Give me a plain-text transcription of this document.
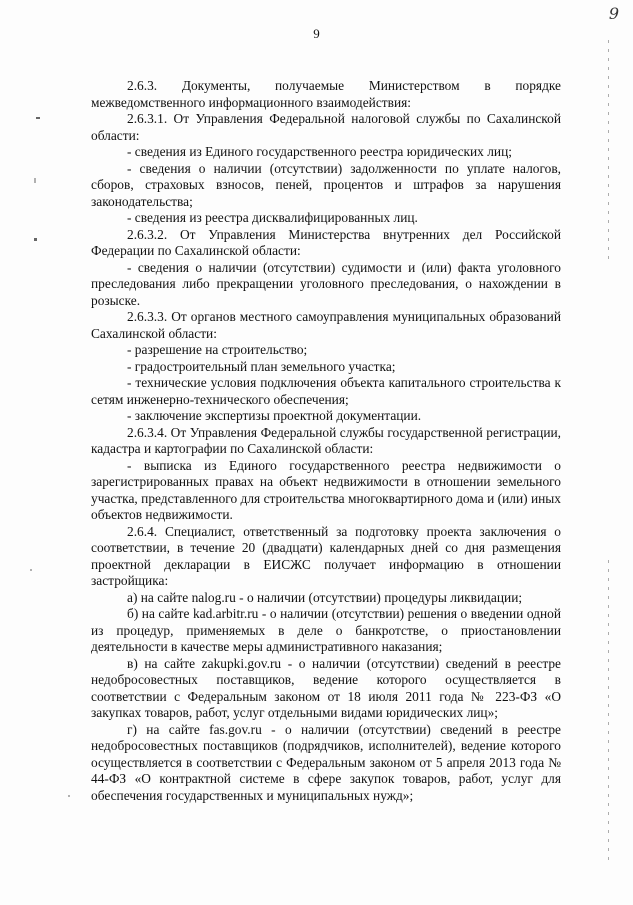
9
9

2.6.3. Документы, получаемые Министерством в порядке межведомственного информационного взаимодействия:

2.6.3.1. От Управления Федеральной налоговой службы по Сахалинской области:

- сведения из Единого государственного реестра юридических лиц;

- сведения о наличии (отсутствии) задолженности по уплате налогов, сборов, страховых взносов, пеней, процентов и штрафов за нарушения законодательства;

- сведения из реестра дисквалифицированных лиц.

2.6.3.2. От Управления Министерства внутренних дел Российской Федерации по Сахалинской области:

- сведения о наличии (отсутствии) судимости и (или) факта уголовного преследования либо прекращении уголовного преследования, о нахождении в розыске.

2.6.3.3. От органов местного самоуправления муниципальных образований Сахалинской области:

- разрешение на строительство;

- градостроительный план земельного участка;

- технические условия подключения объекта капитального строительства к сетям инженерно-технического обеспечения;

- заключение экспертизы проектной документации.

2.6.3.4. От Управления Федеральной службы государственной регистрации, кадастра и картографии по Сахалинской области:

- выписка из Единого государственного реестра недвижимости о зарегистрированных правах на объект недвижимости в отношении земельного участка, представленного для строительства многоквартирного дома и (или) иных объектов недвижимости.

2.6.4. Специалист, ответственный за подготовку проекта заключения о соответствии, в течение 20 (двадцати) календарных дней со дня размещения проектной декларации в ЕИСЖС получает информацию в отношении застройщика:

а) на сайте nalog.ru - о наличии (отсутствии) процедуры ликвидации;

б) на сайте kad.arbitr.ru - о наличии (отсутствии) решения о введении одной из процедур, применяемых в деле о банкротстве, о приостановлении деятельности в качестве меры административного наказания;

в) на сайте zakupki.gov.ru - о наличии (отсутствии) сведений в реестре недобросовестных поставщиков, ведение которого осуществляется в соответствии с Федеральным законом от 18 июля 2011 года № 223-ФЗ «О закупках товаров, работ, услуг отдельными видами юридических лиц»;

г) на сайте fas.gov.ru - о наличии (отсутствии) сведений в реестре недобросовестных поставщиков (подрядчиков, исполнителей), ведение которого осуществляется в соответствии с Федеральным законом от 5 апреля 2013 года № 44-ФЗ «О контрактной системе в сфере закупок товаров, работ, услуг для обеспечения государственных и муниципальных нужд»;
